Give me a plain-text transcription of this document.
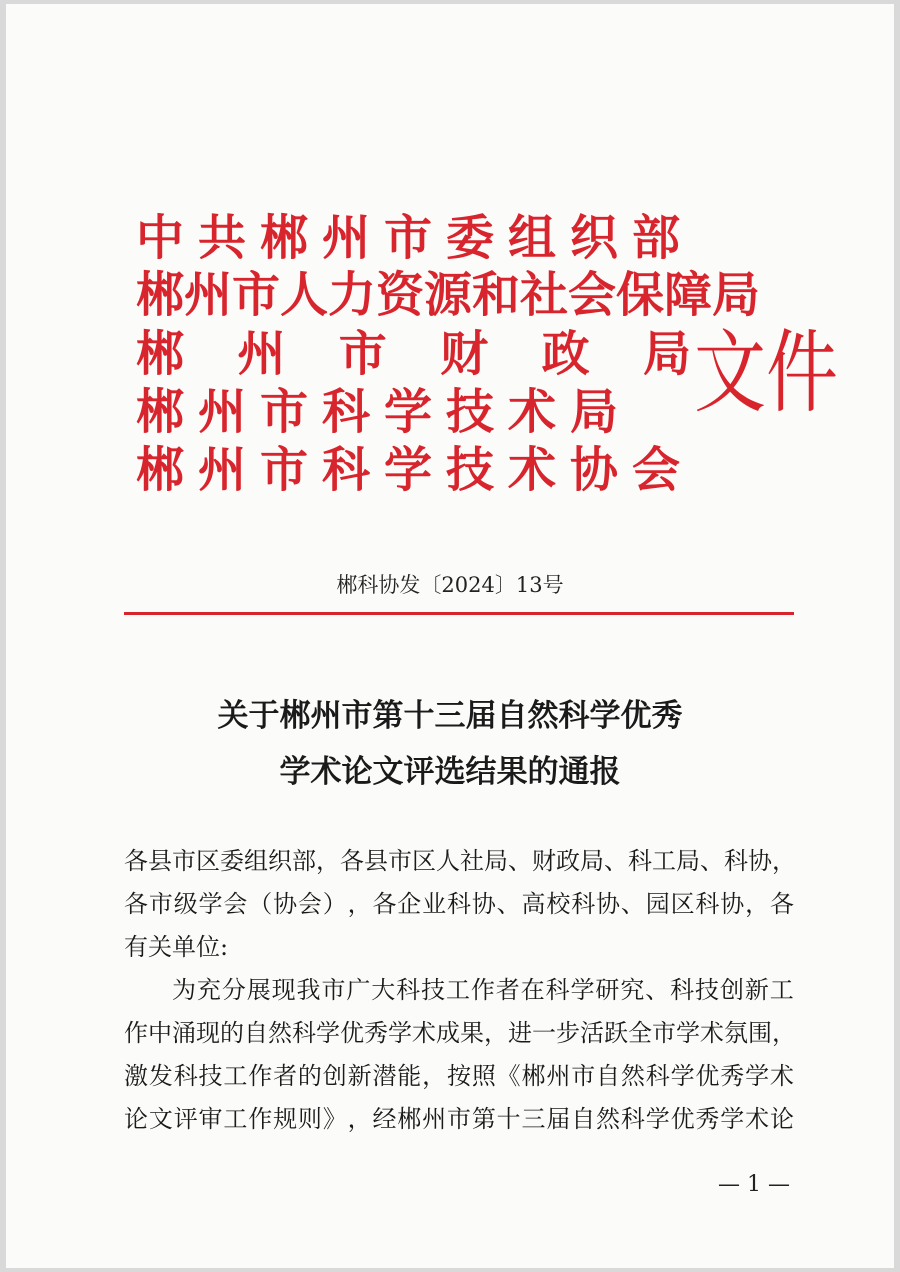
中共郴州市委组织部
郴州市人力资源和社会保障局
郴 州 市 财 政 局
郴州市科学技术局
郴州市科学技术协会
文件
郴科协发〔2024〕13号
关于郴州市第十三届自然科学优秀
学术论文评选结果的通报
各 县 市 区 委 组 织 部 ， 各 县 市 区 人 社 局 、 财 政 局 、 科 工 局 、 科 协 ，
各 市 级 学 会 （ 协 会 ） ， 各 企 业 科 协 、 高 校 科 协 、 园 区 科 协 ， 各
有关单位:
　　为 充 分 展 现 我 市 广 大 科 技 工 作 者 在 科 学 研 究 、 科 技 创 新 工
作 中 涌 现 的 自 然 科 学 优 秀 学 术 成 果 ， 进 一 步 活 跃 全 市 学 术 氛 围 ，
激 发 科 技 工 作 者 的 创 新 潜 能 ， 按 照 《 郴 州 市 自 然 科 学 优 秀 学 术
论 文 评 审 工 作 规 则 》 ， 经 郴 州 市 第 十 三 届 自 然 科 学 优 秀 学 术 论
— 1 —
